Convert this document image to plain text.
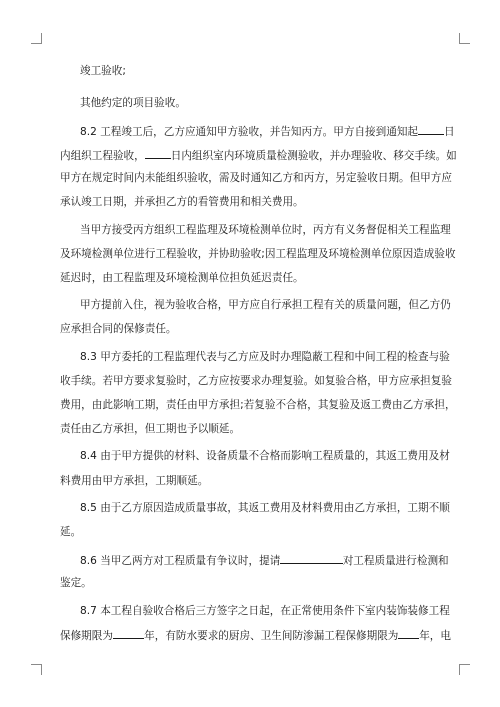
竣工验收;
其他约定的项目验收。
8.2 工程竣工后，乙方应通知甲方验收，并告知丙方。甲方自接到通知起 日
内组织工程验收， 日内组织室内环境质量检测验收，并办理验收、移交手续。如
甲方在规定时间内未能组织验收，需及时通知乙方和丙方，另定验收日期。但甲方应
承认竣工日期，并承担乙方的看管费用和相关费用。
当甲方接受丙方组织工程监理及环境检测单位时，丙方有义务督促相关工程监理
及环境检测单位进行工程验收，并协助验收;因工程监理及环境检测单位原因造成验收
延迟时，由工程监理及环境检测单位担负延迟责任。
甲方提前入住，视为验收合格，甲方应自行承担工程有关的质量问题，但乙方仍
应承担合同的保修责任。
8.3 甲方委托的工程监理代表与乙方应及时办理隐蔽工程和中间工程的检查与验
收手续。若甲方要求复验时，乙方应按要求办理复验。如复验合格，甲方应承担复验
费用，由此影响工期，责任由甲方承担;若复验不合格，其复验及返工费由乙方承担，
责任由乙方承担，但工期也予以顺延。
8.4 由于甲方提供的材料、设备质量不合格而影响工程质量的，其返工费用及材
料费用由甲方承担，工期顺延。
8.5 由于乙方原因造成质量事故，其返工费用及材料费用由乙方承担，工期不顺
延。
8.6 当甲乙两方对工程质量有争议时，提请	对工程质量进行检测和
鉴定。
8.7 本工程自验收合格后三方签字之日起，在正常使用条件下室内装饰装修工程
保修期限为	年，有防水要求的厨房、卫生间防渗漏工程保修期限为 年，电
